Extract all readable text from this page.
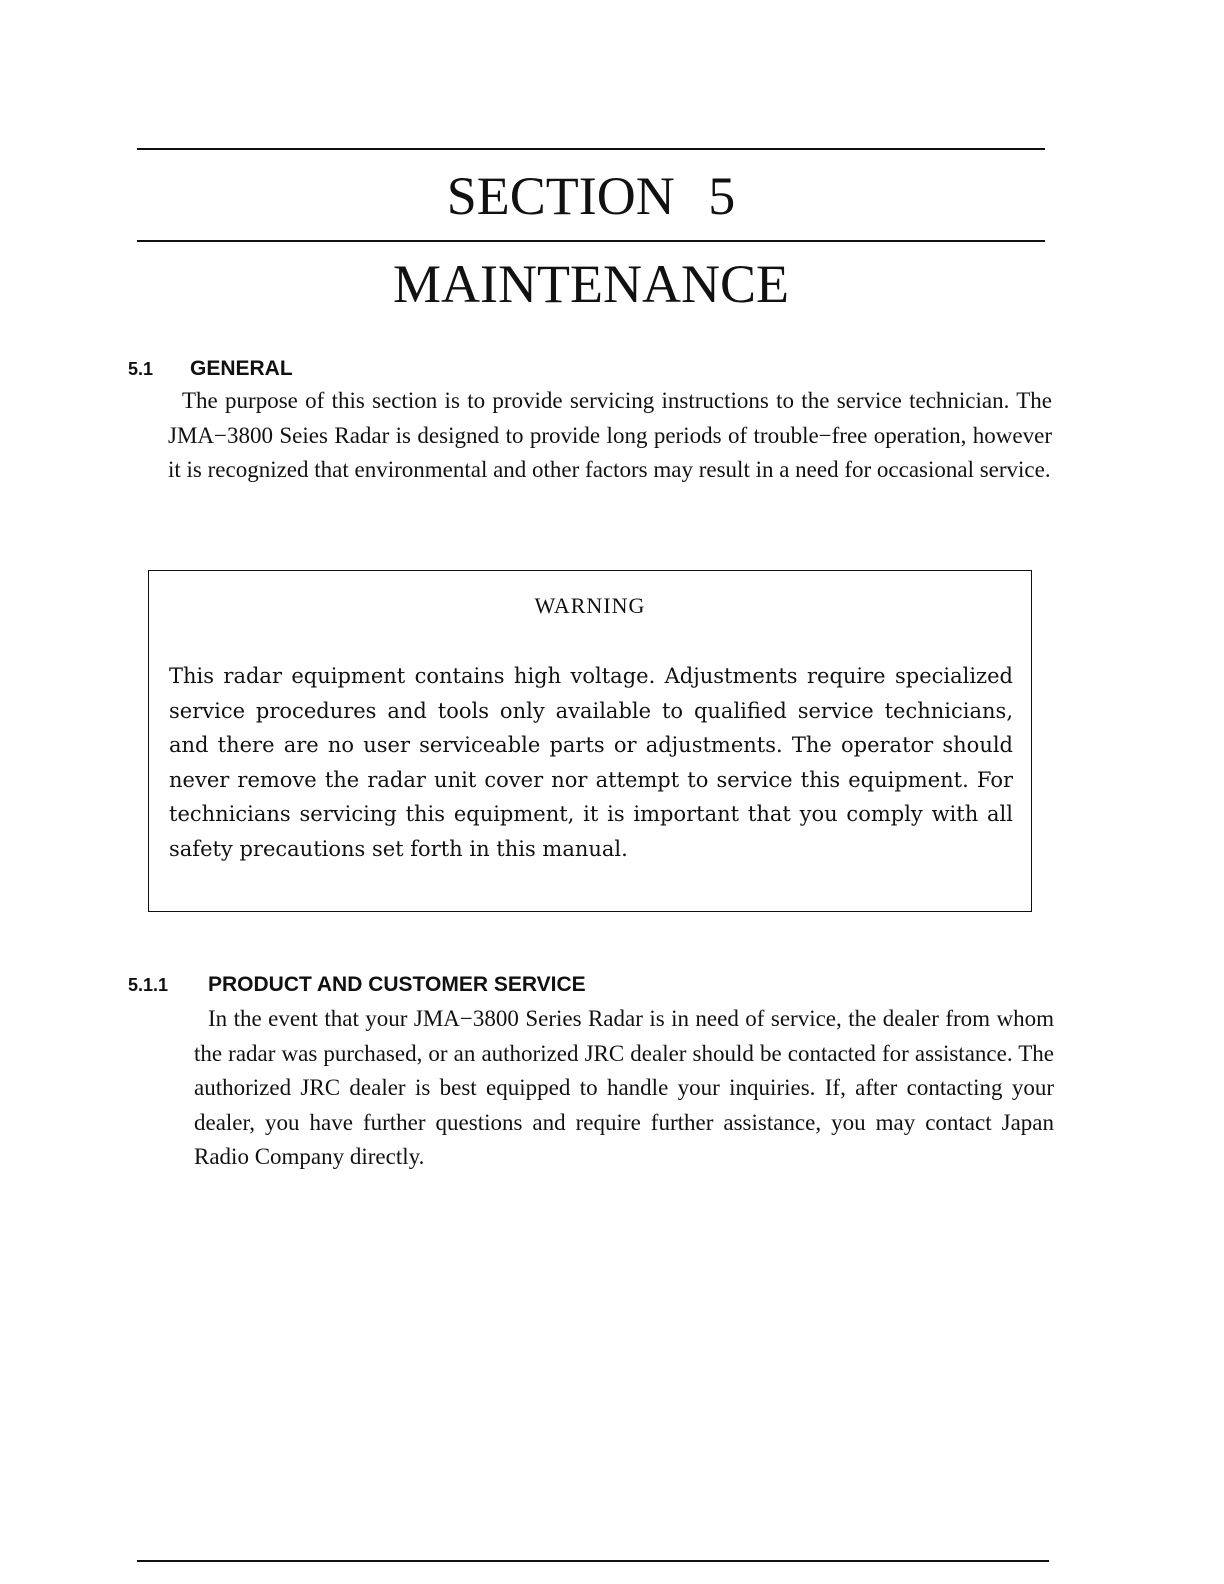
SECTION 5
MAINTENANCE
5.1 GENERAL
The purpose of this section is to provide servicing instructions to the service technician. The JMA−3800 Seies Radar is designed to provide long periods of trouble−free operation, however it is recognized that environmental and other factors may result in a need for occasional service.
WARNING
This radar equipment contains high voltage. Adjustments require specialized service procedures and tools only available to qualified service technicians, and there are no user serviceable parts or adjustments. The operator should never remove the radar unit cover nor attempt to service this equipment. For technicians servicing this equipment, it is important that you comply with all safety precautions set forth in this manual.
5.1.1 PRODUCT AND CUSTOMER SERVICE
In the event that your JMA−3800 Series Radar is in need of service, the dealer from whom the radar was purchased, or an authorized JRC dealer should be contacted for assistance. The authorized JRC dealer is best equipped to handle your inquiries. If, after contacting your dealer, you have further questions and require further assistance, you may contact Japan Radio Company directly.
